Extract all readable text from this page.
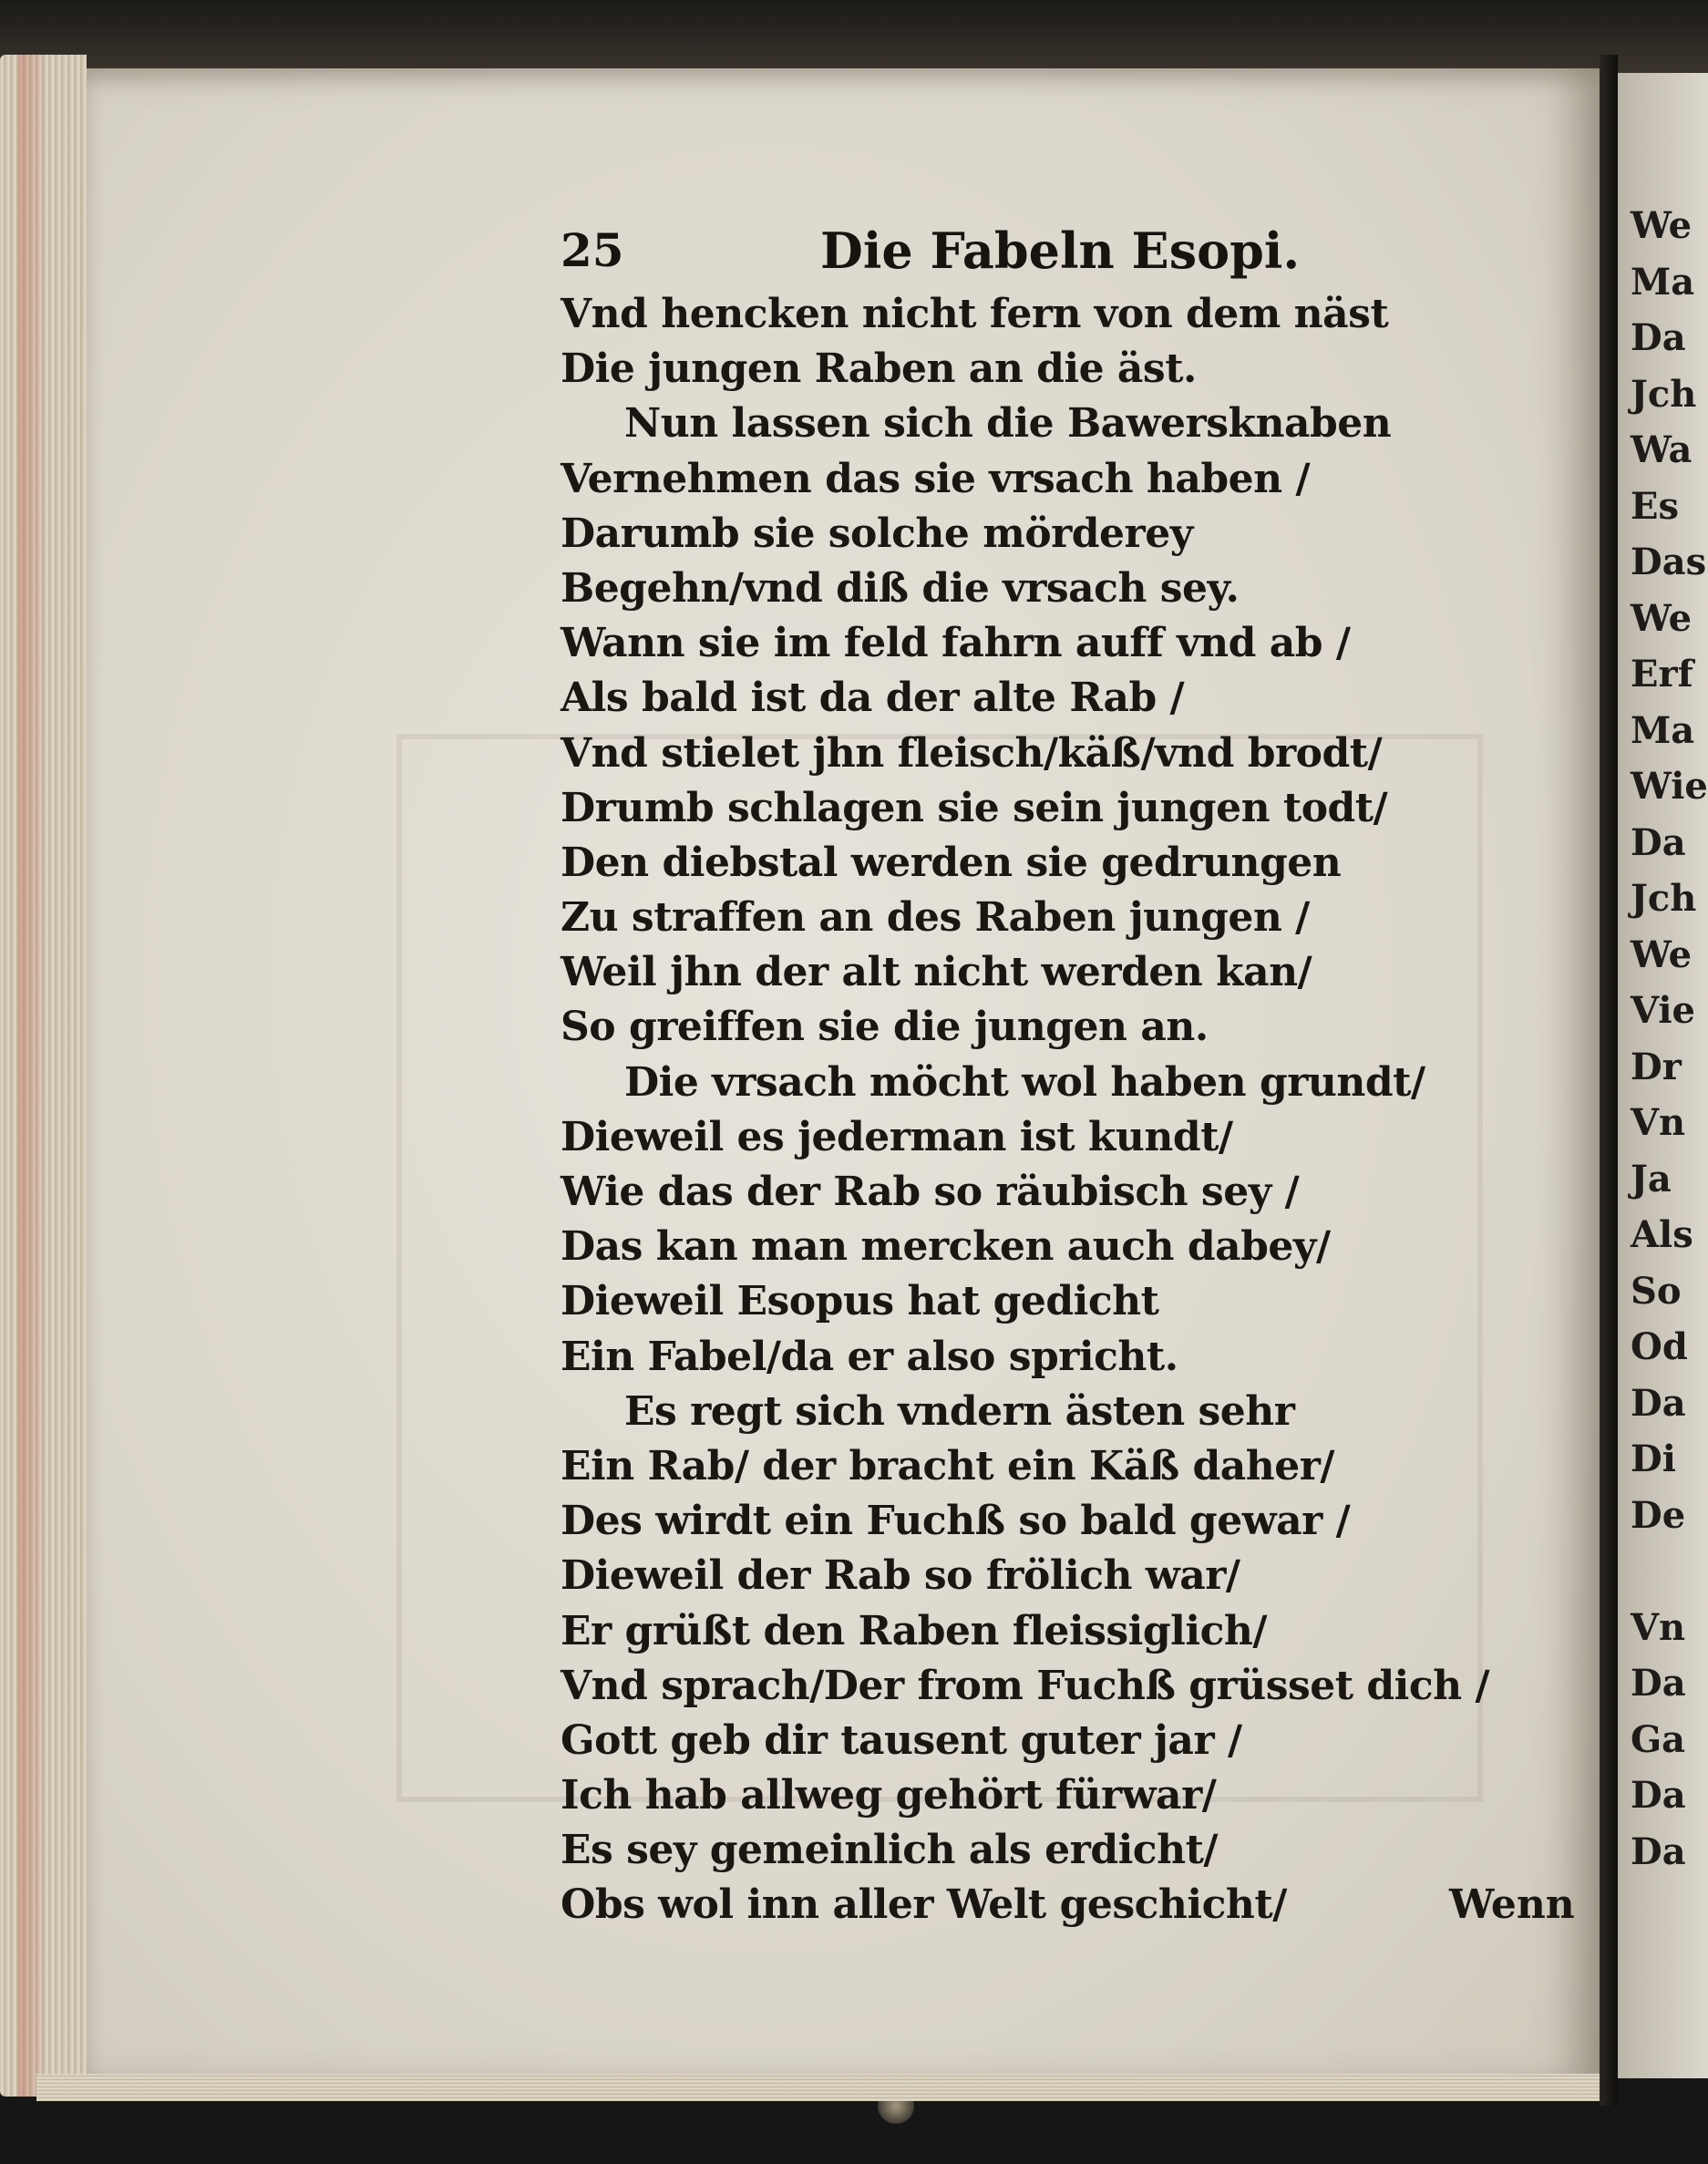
25	Die Fabeln Esopi.
Vnd hencken nicht fern von dem näst
Die jungen Raben an die äst.
Nun lassen sich die Bawersknaben
Vernehmen das sie vrsach haben /
Darumb sie solche mörderey
Begehn/vnd diß die vrsach sey.
Wann sie im feld fahrn auff vnd ab /
Als bald ist da der alte Rab /
Vnd stielet jhn fleisch/käß/vnd brodt/
Drumb schlagen sie sein jungen todt/
Den diebstal werden sie gedrungen
Zu straffen an des Raben jungen /
Weil jhn der alt nicht werden kan/
So greiffen sie die jungen an.
Die vrsach möcht wol haben grundt/
Dieweil es jederman ist kundt/
Wie das der Rab so räubisch sey /
Das kan man mercken auch dabey/
Dieweil Esopus hat gedicht
Ein Fabel/da er also spricht.
Es regt sich vndern ästen sehr
Ein Rab/ der bracht ein Käß daher/
Des wirdt ein Fuchß so bald gewar /
Dieweil der Rab so frölich war/
Er grüßt den Raben fleissiglich/
Vnd sprach/Der from Fuchß grüsset dich /
Gott geb dir tausent guter jar /
Ich hab allweg gehört fürwar/
Es sey gemeinlich als erdicht/
Obs wol inn aller Welt geschicht/	Wenn
We
Ma
Da
Jch
Wa
Es
Das
We
Erf
Ma
Wie
Da
Jch
We
Vie
Dr
Vn
Ja
Als
So
Od
Da
Di
De
Vn
Da
Ga
Da
Da
